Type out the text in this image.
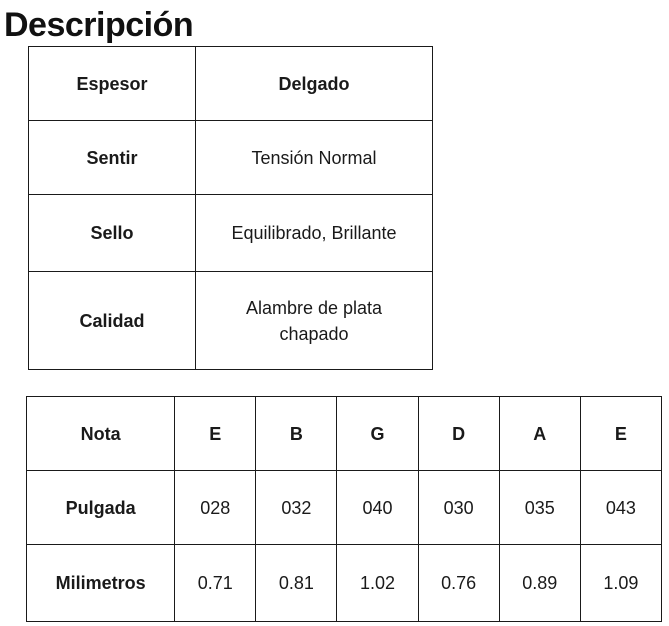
Descripción
Espesor	Delgado
Sentir	Tensión Normal
Sello	Equilibrado, Brillante
Calidad	Alambre de plata chapado
Nota	E	B	G	D	A	E
Pulgada	028	032	040	030	035	043
Milimetros	0.71	0.81	1.02	0.76	0.89	1.09
